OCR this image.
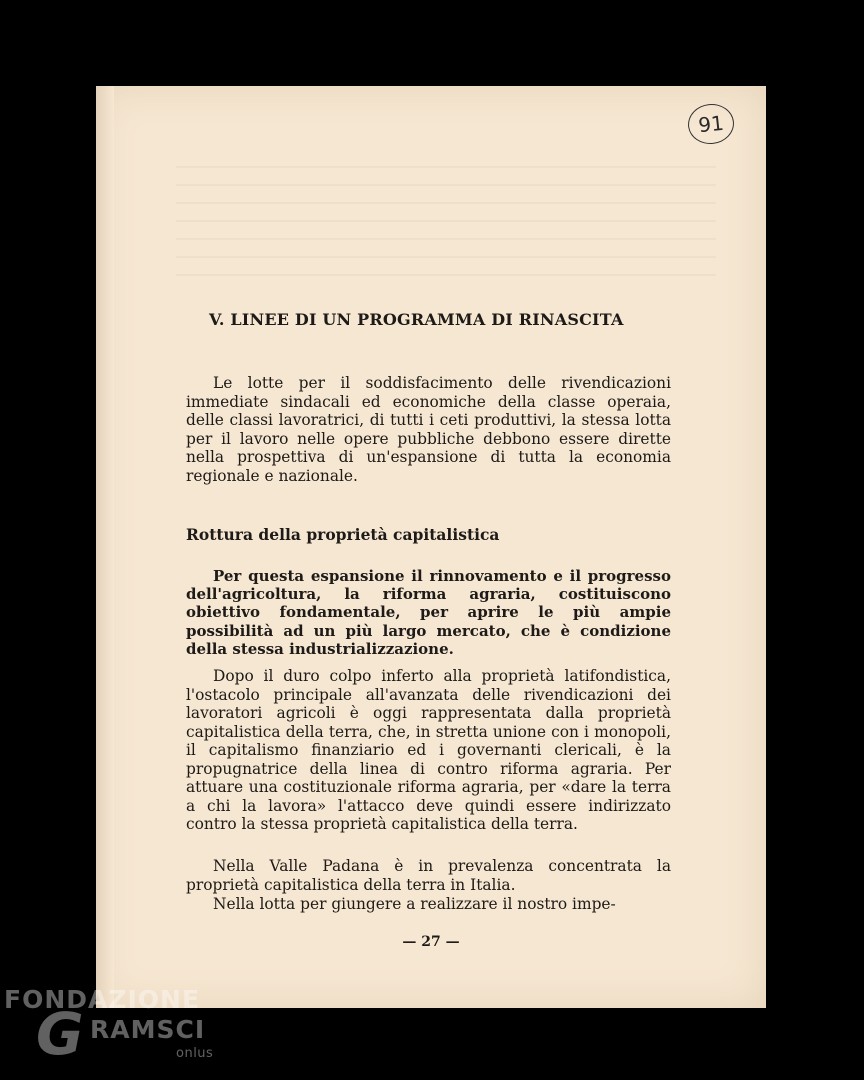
91
V. LINEE DI UN PROGRAMMA DI RINASCITA

Le lotte per il soddisfacimento delle rivendicazioni immediate sindacali ed economiche della classe operaia, delle classi lavoratrici, di tutti i ceti produttivi, la stessa lotta per il lavoro nelle opere pubbliche debbono essere dirette nella prospettiva di un'espansione di tutta la economia regionale e nazionale.

Rottura della proprietà capitalistica

Per questa espansione il rinnovamento e il progresso dell'agricoltura, la riforma agraria, costituiscono obiettivo fondamentale, per aprire le più ampie possibilità ad un più largo mercato, che è condizione della stessa industrializzazione.

Dopo il duro colpo inferto alla proprietà latifondistica, l'ostacolo principale all'avanzata delle rivendicazioni dei lavoratori agricoli è oggi rappresentata dalla proprietà capitalistica della terra, che, in stretta unione con i monopoli, il capitalismo finanziario ed i governanti clericali, è la propugnatrice della linea di contro riforma agraria. Per attuare una costituzionale riforma agraria, per «dare la terra a chi la lavora» l'attacco deve quindi essere indirizzato contro la stessa proprietà capitalistica della terra.

Nella Valle Padana è in prevalenza concentrata la proprietà capitalistica della terra in Italia.

Nella lotta per giungere a realizzare il nostro impe-

— 27 —
FONDAZIONE
G RAMSCI
onlus
